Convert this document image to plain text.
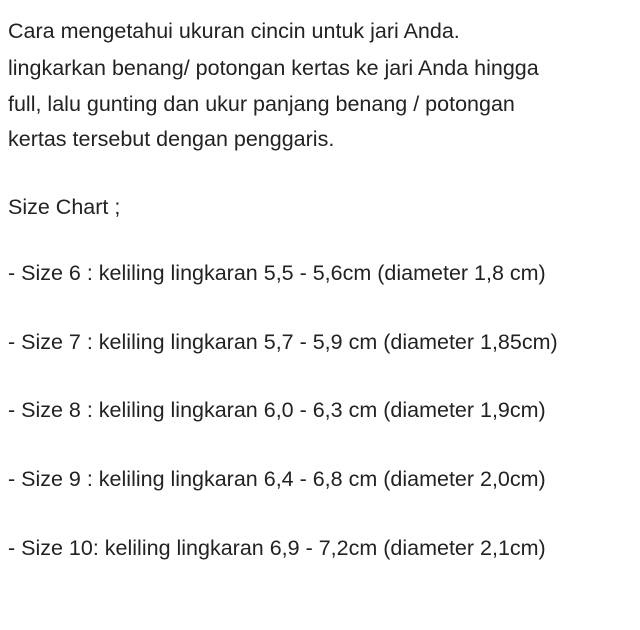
Cara mengetahui ukuran cincin untuk jari Anda.
lingkarkan benang/ potongan kertas ke jari Anda hingga
full, lalu gunting dan ukur panjang benang / potongan
kertas tersebut dengan penggaris.
Size Chart ;
- Size 6 : keliling lingkaran 5,5 - 5,6cm (diameter 1,8 cm)
- Size 7 : keliling lingkaran 5,7 - 5,9 cm (diameter 1,85cm)
- Size 8 : keliling lingkaran 6,0 - 6,3 cm (diameter 1,9cm)
- Size 9 : keliling lingkaran 6,4 - 6,8 cm (diameter 2,0cm)
- Size 10: keliling lingkaran 6,9 - 7,2cm (diameter 2,1cm)
